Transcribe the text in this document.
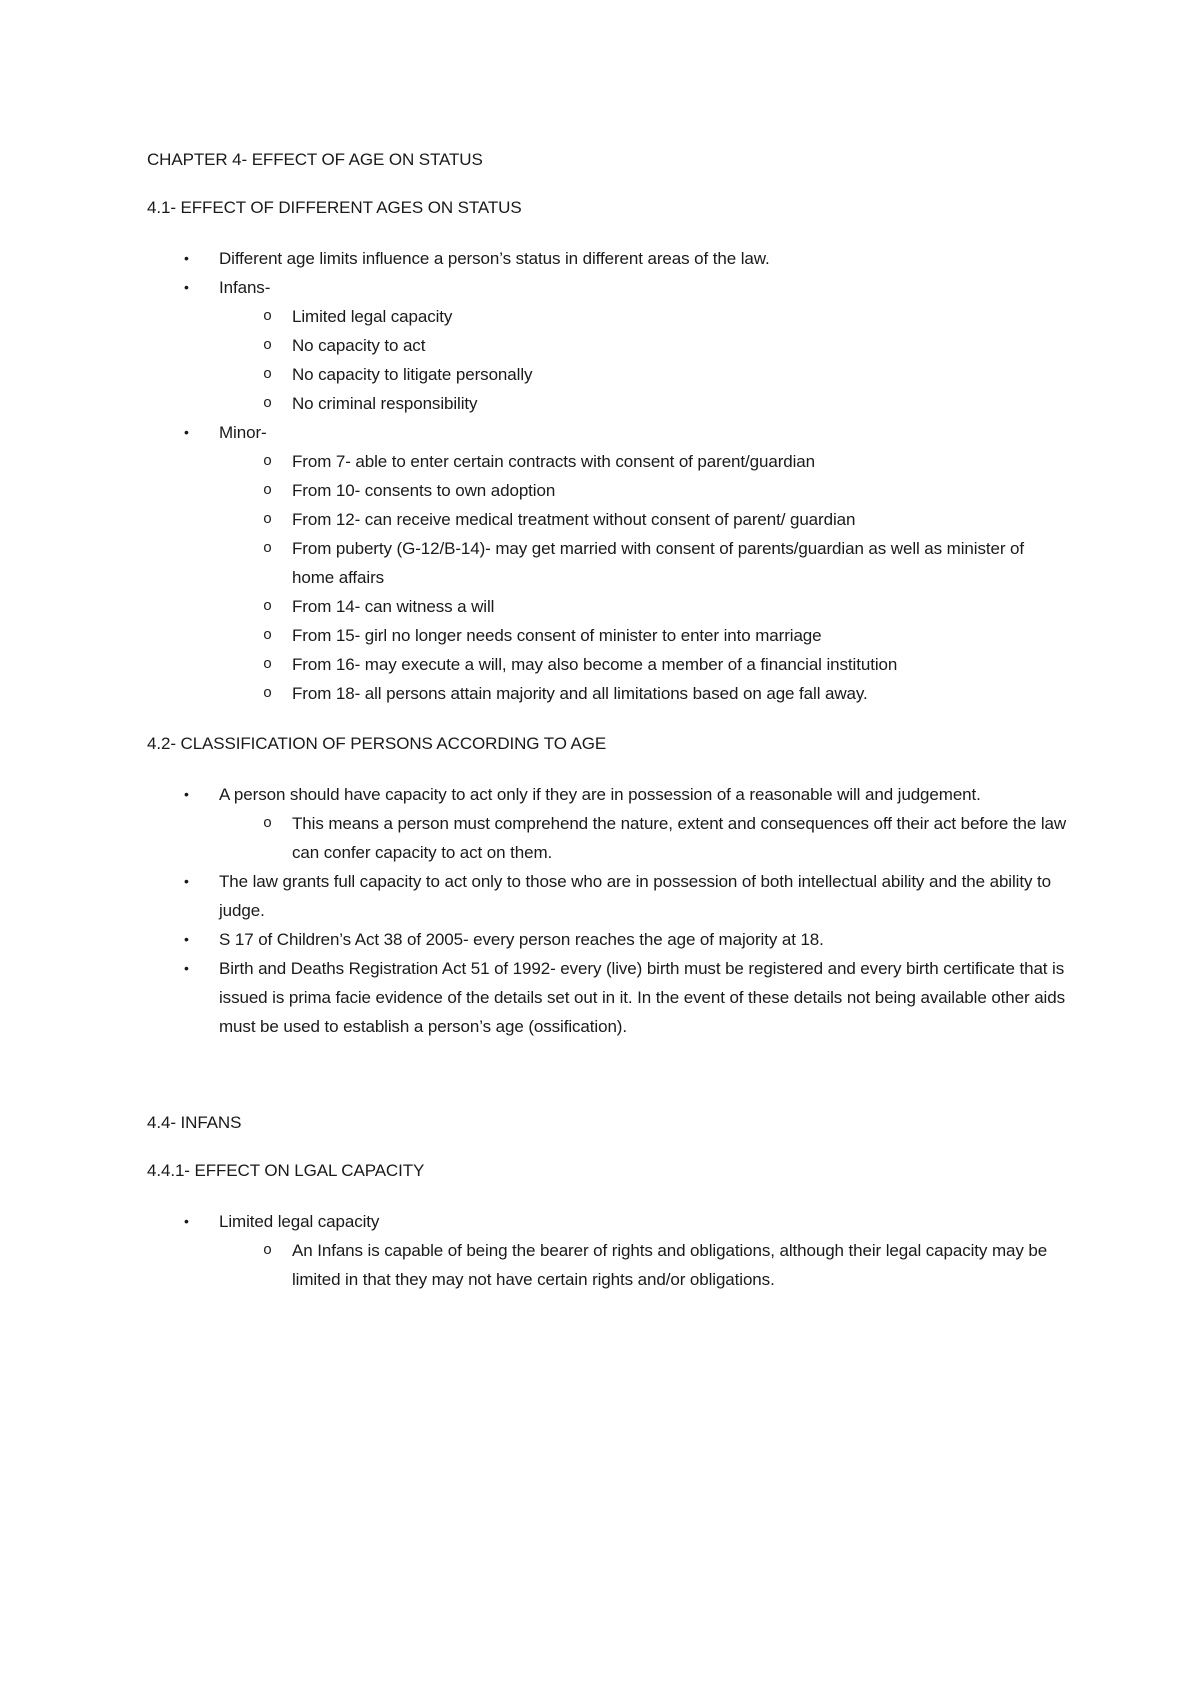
CHAPTER 4- EFFECT OF AGE ON STATUS

4.1- EFFECT OF DIFFERENT AGES ON STATUS

• Different age limits influence a person’s status in different areas of the law.
• Infans-
o Limited legal capacity
o No capacity to act
o No capacity to litigate personally
o No criminal responsibility
• Minor-
o From 7- able to enter certain contracts with consent of parent/guardian
o From 10- consents to own adoption
o From 12- can receive medical treatment without consent of parent/ guardian
o From puberty (G-12/B-14)- may get married with consent of parents/guardian as well as minister of home affairs
o From 14- can witness a will
o From 15- girl no longer needs consent of minister to enter into marriage
o From 16- may execute a will, may also become a member of a financial institution
o From 18- all persons attain majority and all limitations based on age fall away.

4.2- CLASSIFICATION OF PERSONS ACCORDING TO AGE

• A person should have capacity to act only if they are in possession of a reasonable will and judgement.
o This means a person must comprehend the nature, extent and consequences off their act before the law can confer capacity to act on them.
• The law grants full capacity to act only to those who are in possession of both intellectual ability and the ability to judge.
• S 17 of Children’s Act 38 of 2005- every person reaches the age of majority at 18.
• Birth and Deaths Registration Act 51 of 1992- every (live) birth must be registered and every birth certificate that is issued is prima facie evidence of the details set out in it. In the event of these details not being available other aids must be used to establish a person’s age (ossification).

4.4- INFANS

4.4.1- EFFECT ON LGAL CAPACITY

• Limited legal capacity
o An Infans is capable of being the bearer of rights and obligations, although their legal capacity may be limited in that they may not have certain rights and/or obligations.
